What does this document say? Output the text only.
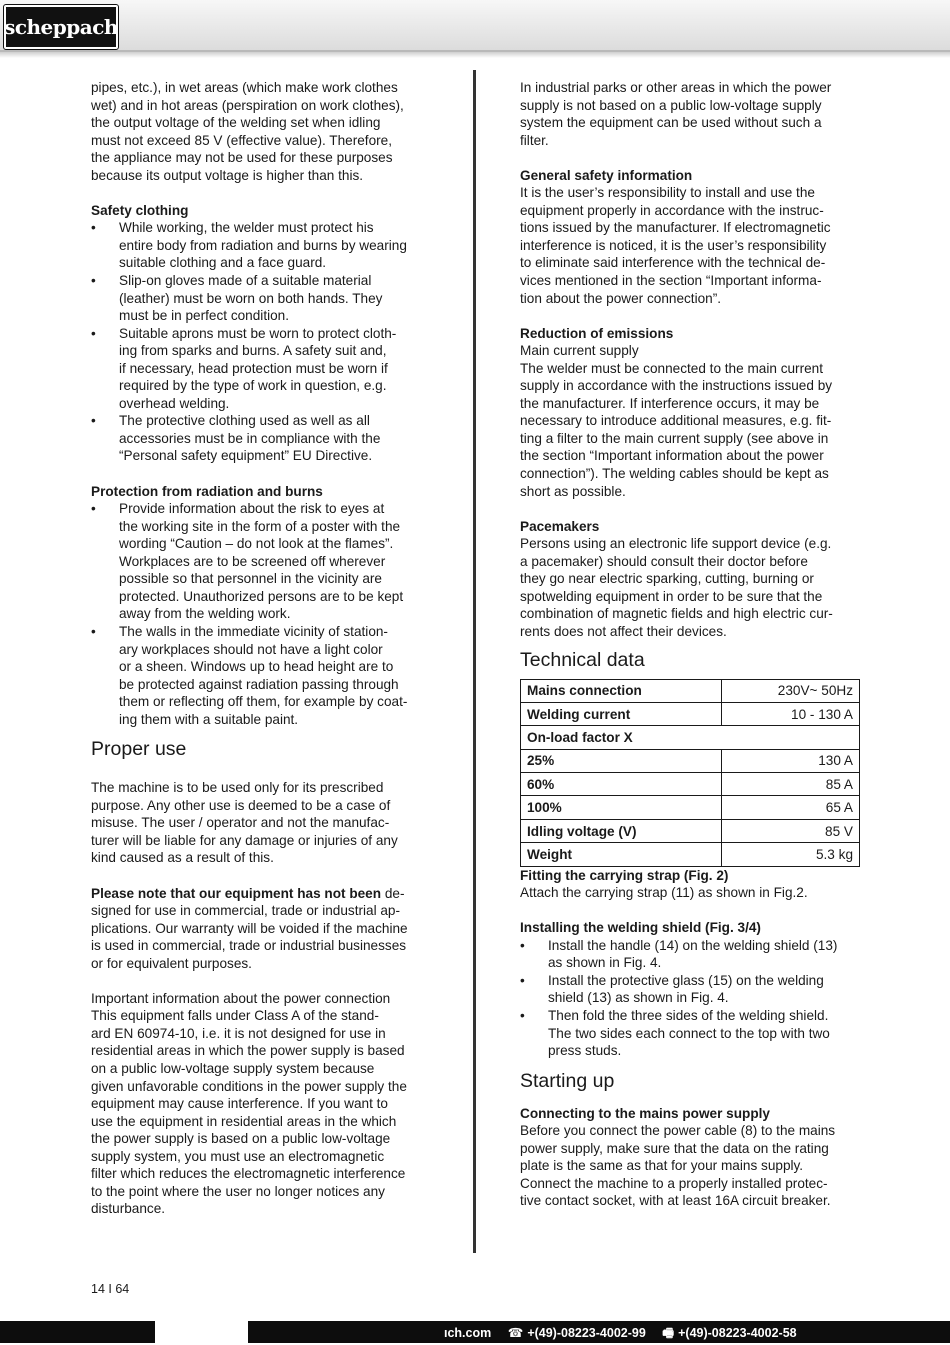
scheppach

pipes, etc.), in wet areas (which make work clothes

wet) and in hot areas (perspiration on work clothes),

the output voltage of the welding set when idling

must not exceed 85 V (effective value). Therefore,

the appliance may not be used for these purposes

because its output voltage is higher than this.

Safety clothing

• While working, the welder must protect his

entire body from radiation and burns by wearing

suitable clothing and a face guard.

• Slip-on gloves made of a suitable material

(leather) must be worn on both hands. They

must be in perfect condition.

• Suitable aprons must be worn to protect cloth-

ing from sparks and burns. A safety suit and,

if necessary, head protection must be worn if

required by the type of work in question, e.g.

overhead welding.

• The protective clothing used as well as all

accessories must be in compliance with the

“Personal safety equipment” EU Directive.

Protection from radiation and burns

• Provide information about the risk to eyes at

the working site in the form of a poster with the

wording “Caution – do not look at the flames”.

Workplaces are to be screened off wherever

possible so that personnel in the vicinity are

protected. Unauthorized persons are to be kept

away from the welding work.

• The walls in the immediate vicinity of station-

ary workplaces should not have a light color

or a sheen. Windows up to head height are to

be protected against radiation passing through

them or reflecting off them, for example by coat-

ing them with a suitable paint.

Proper use

The machine is to be used only for its prescribed

purpose. Any other use is deemed to be a case of

misuse. The user / operator and not the manufac-

turer will be liable for any damage or injuries of any

kind caused as a result of this.

Please note that our equipment has not been de-

signed for use in commercial, trade or industrial ap-

plications. Our warranty will be voided if the machine

is used in commercial, trade or industrial businesses

or for equivalent purposes.

Important information about the power connection

This equipment falls under Class A of the stand-

ard EN 60974-10, i.e. it is not designed for use in

residential areas in which the power supply is based

on a public low-voltage supply system because

given unfavorable conditions in the power supply the

equipment may cause interference. If you want to

use the equipment in residential areas in the which

the power supply is based on a public low-voltage

supply system, you must use an electromagnetic

filter which reduces the electromagnetic interference

to the point where the user no longer notices any

disturbance.

In industrial parks or other areas in which the power

supply is not based on a public low-voltage supply

system the equipment can be used without such a

filter.

General safety information

It is the user’s responsibility to install and use the

equipment properly in accordance with the instruc-

tions issued by the manufacturer. If electromagnetic

interference is noticed, it is the user’s responsibility

to eliminate said interference with the technical de-

vices mentioned in the section “Important informa-

tion about the power connection”.

Reduction of emissions

Main current supply

The welder must be connected to the main current

supply in accordance with the instructions issued by

the manufacturer. If interference occurs, it may be

necessary to introduce additional measures, e.g. fit-

ting a filter to the main current supply (see above in

the section “Important information about the power

connection”). The welding cables should be kept as

short as possible.

Pacemakers

Persons using an electronic life support device (e.g.

a pacemaker) should consult their doctor before

they go near electric sparking, cutting, burning or

spotwelding equipment in order to be sure that the

combination of magnetic fields and high electric cur-

rents does not affect their devices.

Technical data
Mains connection	230V~ 50Hz
Welding current	10 - 130 A
On-load factor X	
25%	130 A
60%	85 A
100%	65 A
Idling voltage (V)	85 V
Weight	5.3 kg

Fitting the carrying strap (Fig. 2)

Attach the carrying strap (11) as shown in Fig.2.

Installing the welding shield (Fig. 3/4)

• Install the handle (14) on the welding shield (13)

as shown in Fig. 4.

• Install the protective glass (15) on the welding

shield (13) as shown in Fig. 4.

• Then fold the three sides of the welding shield.

The two sides each connect to the top with two

press studs.

Starting up

Connecting to the mains power supply

Before you connect the power cable (8) to the mains

power supply, make sure that the data on the rating

plate is the same as that for your mains supply.

Connect the machine to a properly installed protec-

tive contact socket, with at least 16A circuit breaker.

14 I 64
ıch.com ☎ +(49)-08223-4002-99 🖷 +(49)-08223-4002-58
